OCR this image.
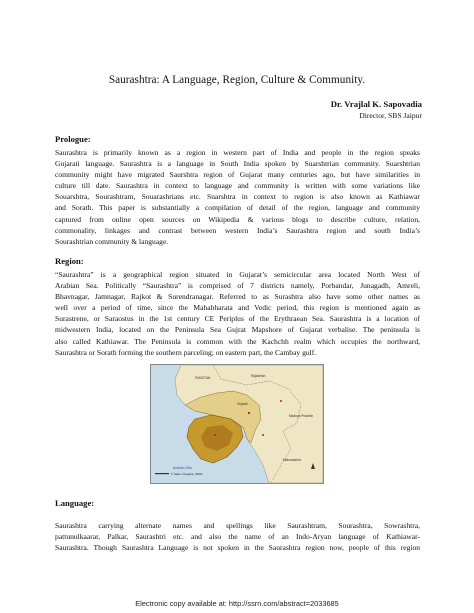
Saurashtra: A Language, Region, Culture & Community.
Dr. Vrajlal K. Sapovadia
Director, SBS Jaipur
Prologue:
Saurashtra is primarily known as a region in western part of India and people in the region speaks
Gujarati language. Saurashtra is a language in South India spoken by Suarshtrian community. Suarshtrian
community might have migrated Saurshtra region of Gujarat many centuries ago, but have similarities in
culture till date. Saurashtra in context to language and community is written with some variations like
Souarshtra, Sourashtram, Souarashrians etc. Suarshtra in context to region is also known as Kathiawar
and Sorath. This paper is substantially a compilation of detail of the region, language and community
captured from online open sources on Wikipedia & various blogs to describe culture, relation,
commonality, linkages and contrast between western India’s Saurashtra region and south India’s
Sourashtrian community & language.
Region:
“Saurashtra” is a geographical region situated in Gujarat’s semicircular area located North West of
Arabian Sea. Politically “Saurashtra” is comprised of 7 districts namely, Porbandar, Junagadh, Amreli,
Bhavnagar, Jamnagar, Rajkot & Surendranagar. Referred to as Surashtra also have some other names as
well over a period of time, since the Mahabharata and Vedic period, this region is mentioned again as
Surastrene, or Saraostus in the 1st century CE Periplus of the Erythraean Sea. Saurashtra is a location of
midwestern India, located on the Peninsula Sea Gujrat Mapshore of Gujarat verbalise. The peninsula is
also called Kathiawar. The Peninsula is common with the Kachchh realm which occupies the northward,
Saurashtra or Sorath forming the southern parceling; on eastern part, the Cambay gulf.
PAKISTAN	Rajasthan
Gujarat
Madhya Pradesh
Maharashtra
Arabian Sea
© State of Gujarat, INDIA
Language:
Saurashtra carrying alternate names and spellings like Saurashtram, Sourashtra, Sowrashtra,
pattunulkaarar, Palkar, Saurashtri etc. and also the name of an Indo-Aryan language of Kathiawar-
Saurashtra. Though Saurashtra Language is not spoken in the Saurashtra region now, people of this region
Electronic copy available at: http://ssrn.com/abstract=2033685
